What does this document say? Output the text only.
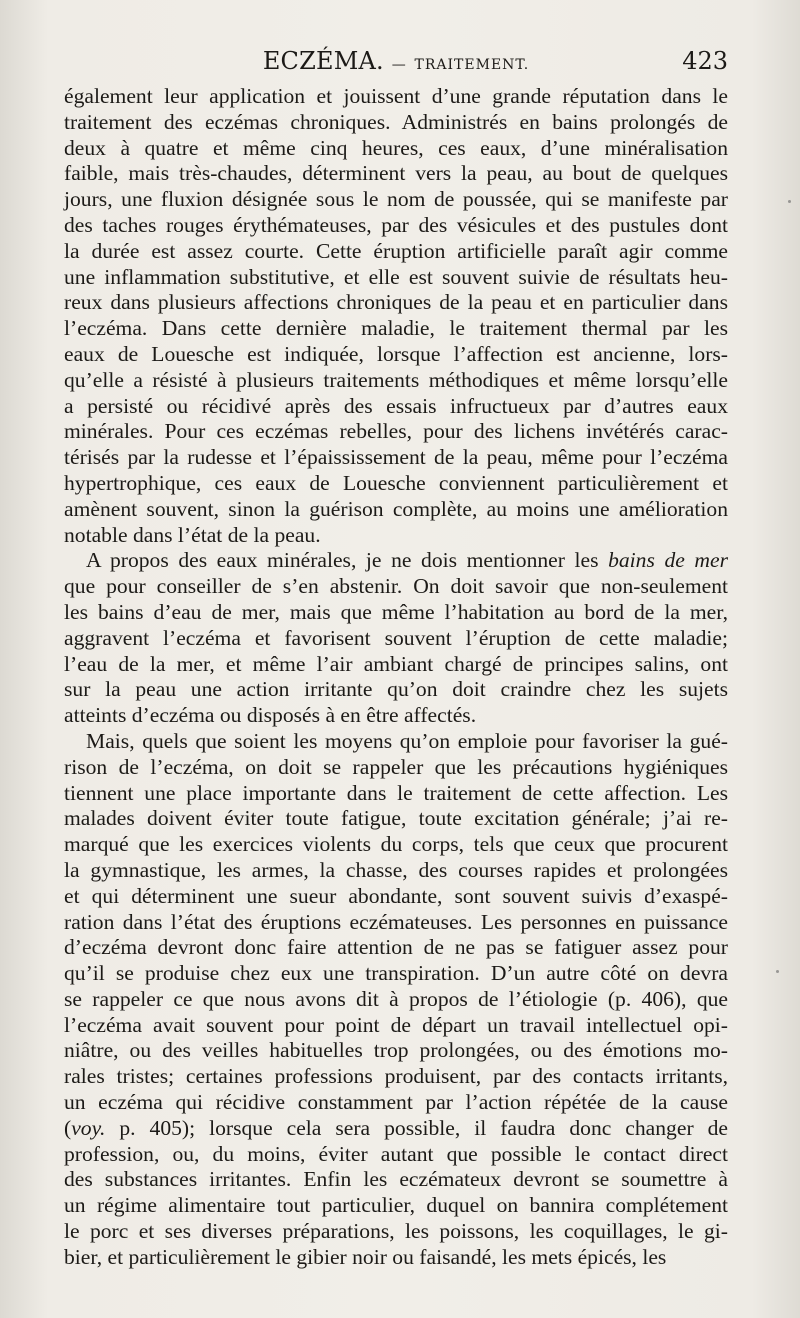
ECZÉMA. — TRAITEMENT.	423

également leur application et jouissent d’une grande réputation dans le
traitement des eczémas chroniques. Administrés en bains prolongés de
deux à quatre et même cinq heures, ces eaux, d’une minéralisation
faible, mais très-chaudes, déterminent vers la peau, au bout de quelques
jours, une fluxion désignée sous le nom de poussée, qui se manifeste par
des taches rouges érythémateuses, par des vésicules et des pustules dont
la durée est assez courte. Cette éruption artificielle paraît agir comme
une inflammation substitutive, et elle est souvent suivie de résultats heu-
reux dans plusieurs affections chroniques de la peau et en particulier dans
l’eczéma. Dans cette dernière maladie, le traitement thermal par les
eaux de Louesche est indiquée, lorsque l’affection est ancienne, lors-
qu’elle a résisté à plusieurs traitements méthodiques et même lorsqu’elle
a persisté ou récidivé après des essais infructueux par d’autres eaux
minérales. Pour ces eczémas rebelles, pour des lichens invétérés carac-
térisés par la rudesse et l’épaississement de la peau, même pour l’eczéma
hypertrophique, ces eaux de Louesche conviennent particulièrement et
amènent souvent, sinon la guérison complète, au moins une amélioration
notable dans l’état de la peau.

A propos des eaux minérales, je ne dois mentionner les bains de mer
que pour conseiller de s’en abstenir. On doit savoir que non-seulement
les bains d’eau de mer, mais que même l’habitation au bord de la mer,
aggravent l’eczéma et favorisent souvent l’éruption de cette maladie;
l’eau de la mer, et même l’air ambiant chargé de principes salins, ont
sur la peau une action irritante qu’on doit craindre chez les sujets
atteints d’eczéma ou disposés à en être affectés.

Mais, quels que soient les moyens qu’on emploie pour favoriser la gué-
rison de l’eczéma, on doit se rappeler que les précautions hygiéniques
tiennent une place importante dans le traitement de cette affection. Les
malades doivent éviter toute fatigue, toute excitation générale; j’ai re-
marqué que les exercices violents du corps, tels que ceux que procurent
la gymnastique, les armes, la chasse, des courses rapides et prolongées
et qui déterminent une sueur abondante, sont souvent suivis d’exaspé-
ration dans l’état des éruptions eczémateuses. Les personnes en puissance
d’eczéma devront donc faire attention de ne pas se fatiguer assez pour
qu’il se produise chez eux une transpiration. D’un autre côté on devra
se rappeler ce que nous avons dit à propos de l’étiologie (p. 406), que
l’eczéma avait souvent pour point de départ un travail intellectuel opi-
niâtre, ou des veilles habituelles trop prolongées, ou des émotions mo-
rales tristes; certaines professions produisent, par des contacts irritants,
un eczéma qui récidive constamment par l’action répétée de la cause
(voy. p. 405); lorsque cela sera possible, il faudra donc changer de
profession, ou, du moins, éviter autant que possible le contact direct
des substances irritantes. Enfin les eczémateux devront se soumettre à
un régime alimentaire tout particulier, duquel on bannira complétement
le porc et ses diverses préparations, les poissons, les coquillages, le gi-
bier, et particulièrement le gibier noir ou faisandé, les mets épicés, les
